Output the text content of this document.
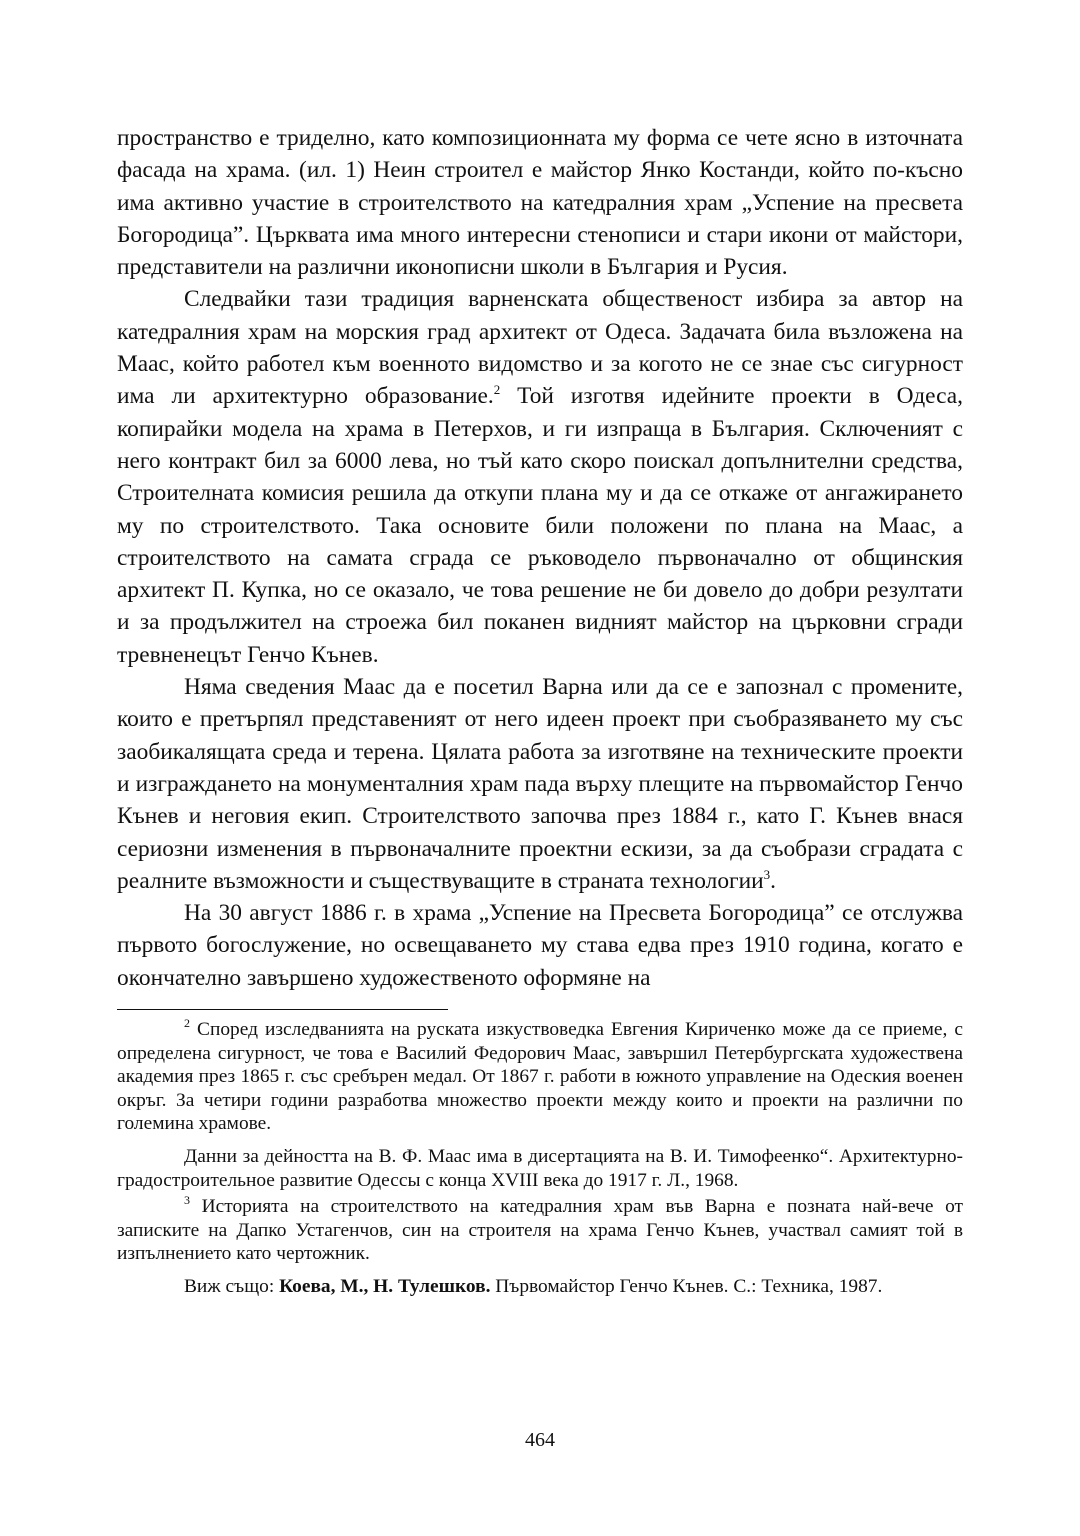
пространство е триделно, като композиционната му форма се чете ясно в източната фасада на храма. (ил. 1) Неин строител е майстор Янко Костанди, който по-късно има активно участие в строителството на катедралния храм „Успение на пресвета Богородица”. Църквата има много интересни стенописи и стари икони от майстори, представители на различни иконописни школи в България и Русия.

Следвайки тази традиция варненската общественост избира за автор на катедралния храм на морския град архитект от Одеса. Задачата била възложена на Маас, който работел към военното видомство и за когото не се знае със сигурност има ли архитектурно образование.$^2$ Той изготвя идейните проекти в Одеса, копирайки модела на храма в Петерхов, и ги изпраща в България. Сключеният с него контракт бил за 6000 лева, но тъй като скоро поискал допълнителни средства, Строителната комисия решила да откупи плана му и да се откаже от ангажирането му по строителството. Така основите били положени по плана на Маас, а строителството на самата сграда се ръководело първоначално от общинския архитект П. Купка, но се оказало, че това решение не би довело до добри резултати и за продължител на строежа бил поканен видният майстор на църковни сгради тревненецът Генчо Кънев.

Няма сведения Маас да е посетил Варна или да се е запознал с промените, които е претърпял представеният от него идеен проект при съобразяването му със заобикалящата среда и терена. Цялата работа за изготвяне на техническите проекти и изграждането на монументалния храм пада върху плещите на първомайстор Генчо Кънев и неговия екип. Строителството започва през 1884 г., като Г. Кънев внася сериозни изменения в първоначалните проектни ескизи, за да съобрази сградата с реалните възможности и съществуващите в страната технологии$^3$.

На 30 август 1886 г. в храма „Успение на Пресвета Богородица” се отслужва първото богослужение, но освещаването му става едва през 1910 година, когато е окончателно завършено художественото оформяне на

$^2$ Според изследванията на руската изкуствоведка Евгения Кириченко може да се приеме, с определена сигурност, че това е Василий Федорович Маас, завършил Петербургската художествена академия през 1865 г. със сребърен медал. От 1867 г. работи в южното управление на Одеския военен окръг. За четири години разработва множество проекти между които и проекти на различни по големина храмове.

Данни за дейността на В. Ф. Маас има в дисертацията на В. И. Тимофеенко“. Архитектурно-градостроительное развитие Одессы с конца XVIII века до 1917 г. Л., 1968.

$^3$ Историята на строителството на катедралния храм във Варна е позната най-вече от записките на Дапко Устагенчов, син на строителя на храма Генчо Кънев, участвал самият той в изпълнението като чертожник.

Виж също: Коева, М., Н. Тулешков. Първомайстор Генчо Кънев. С.: Техника, 1987.

464
